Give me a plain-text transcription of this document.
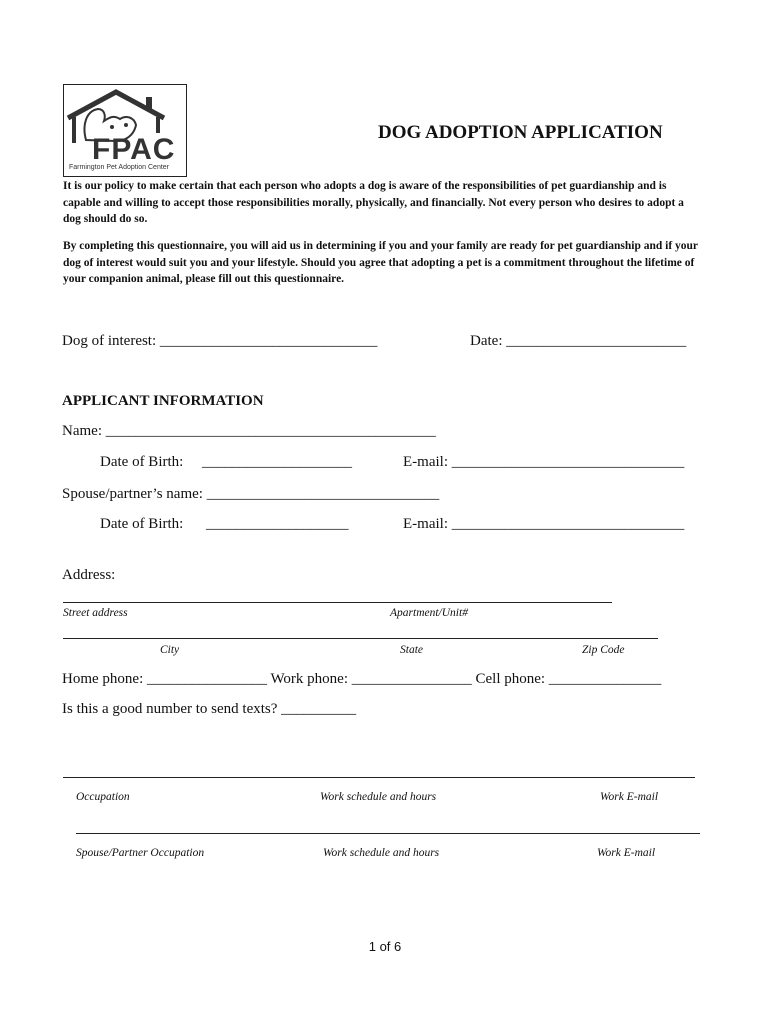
FPAC
Farmington Pet Adoption Center
DOG ADOPTION APPLICATION
It is our policy to make certain that each person who adopts a dog is aware of the responsibilities of pet guardianship and is capable and willing to accept those responsibilities morally, physically, and financially. Not every person who desires to adopt a dog should do so.
By completing this questionnaire, you will aid us in determining if you and your family are ready for pet guardianship and if your dog of interest would suit you and your lifestyle. Should you agree that adopting a pet is a commitment throughout the lifetime of your companion animal, please fill out this questionnaire.
Dog of interest: _____________________________	Date: ________________________
APPLICANT INFORMATION
Name: ____________________________________________
Date of Birth: ____________________	E-mail: _______________________________
Spouse/partner’s name: _______________________________
Date of Birth: ___________________	E-mail: _______________________________
Address:
Street address	Apartment/Unit#
City	State	Zip Code
Home phone: ________________ Work phone: ________________ Cell phone: _______________
Is this a good number to send texts? __________
Occupation	Work schedule and hours	Work E-mail
Spouse/Partner Occupation	Work schedule and hours	Work E-mail
1 of 6
